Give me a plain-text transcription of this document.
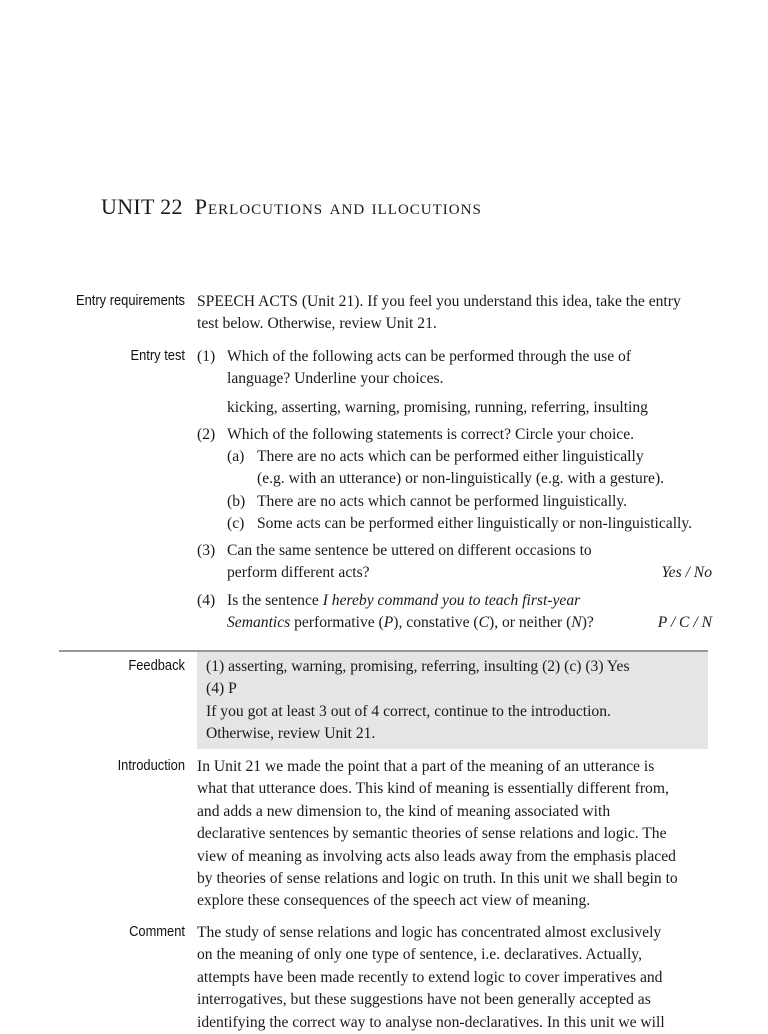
UNIT 22 Perlocutions and illocutions
Entry requirements SPEECH ACTS (Unit 21). If you feel you understand this idea, take the entry
test below. Otherwise, review Unit 21.
Entry test (1) Which of the following acts can be performed through the use of
language? Underline your choices.
kicking, asserting, warning, promising, running, referring, insulting
(2) Which of the following statements is correct? Circle your choice.
(a) There are no acts which can be performed either linguistically
(e.g. with an utterance) or non-linguistically (e.g. with a gesture).
(b) There are no acts which cannot be performed linguistically.
(c) Some acts can be performed either linguistically or non-linguistically.
(3) Can the same sentence be uttered on different occasions to
perform different acts?	Yes / No
(4) Is the sentence I hereby command you to teach first-year
Semantics performative (P), constative (C), or neither (N)?	P / C / N
Feedback (1) asserting, warning, promising, referring, insulting (2) (c) (3) Yes
(4) P
If you got at least 3 out of 4 correct, continue to the introduction.
Otherwise, review Unit 21.
Introduction In Unit 21 we made the point that a part of the meaning of an utterance is
what that utterance does. This kind of meaning is essentially different from,
and adds a new dimension to, the kind of meaning associated with
declarative sentences by semantic theories of sense relations and logic. The
view of meaning as involving acts also leads away from the emphasis placed
by theories of sense relations and logic on truth. In this unit we shall begin to
explore these consequences of the speech act view of meaning.
Comment The study of sense relations and logic has concentrated almost exclusively
on the meaning of only one type of sentence, i.e. declaratives. Actually,
attempts have been made recently to extend logic to cover imperatives and
interrogatives, but these suggestions have not been generally accepted as
identifying the correct way to analyse non-declaratives. In this unit we will
